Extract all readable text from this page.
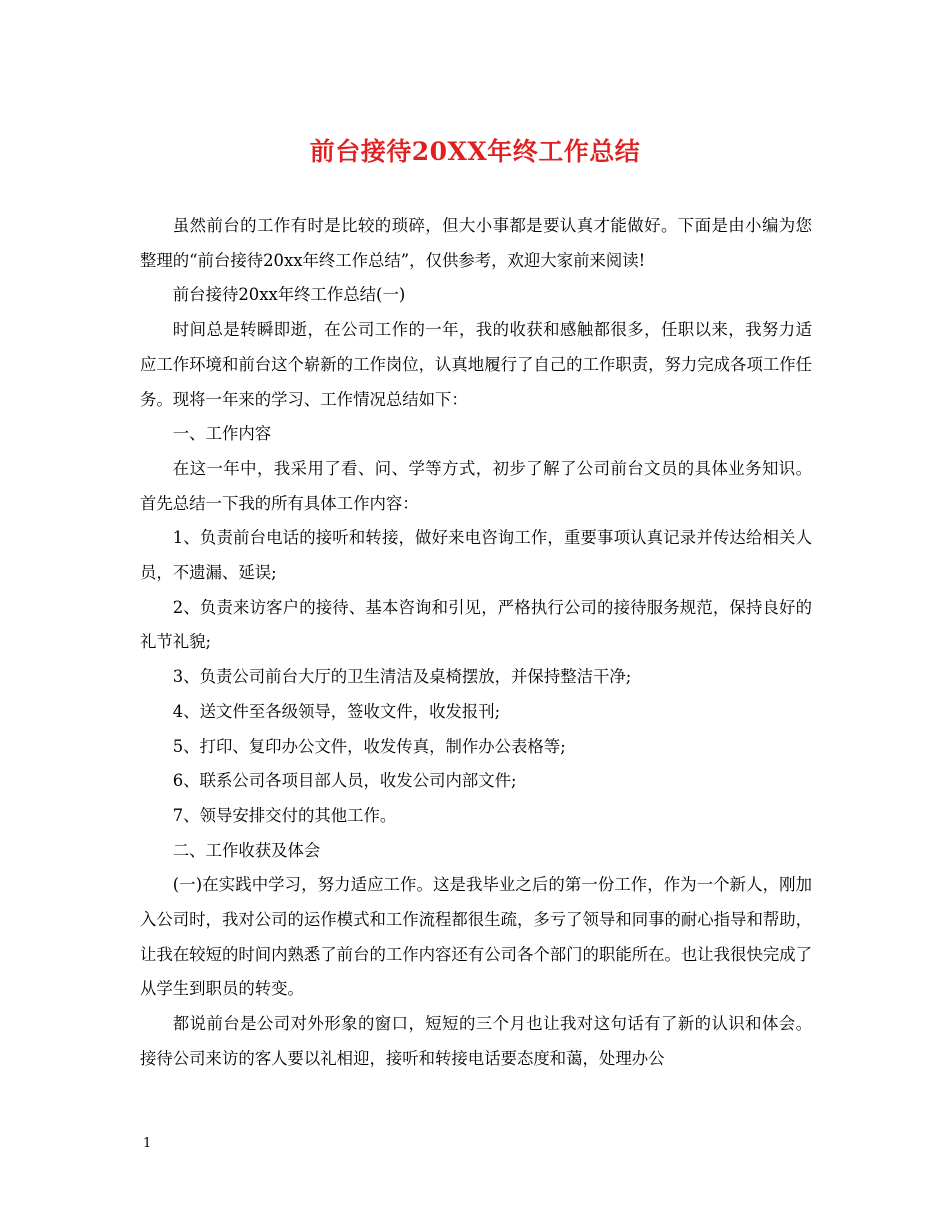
前台接待20XX年终工作总结

虽然前台的工作有时是比较的琐碎，但大小事都是要认真才能做好。下面是由小编为您整理的“前台接待20xx年终工作总结”，仅供参考，欢迎大家前来阅读!

前台接待20xx年终工作总结(一)

时间总是转瞬即逝，在公司工作的一年，我的收获和感触都很多，任职以来，我努力适应工作环境和前台这个崭新的工作岗位，认真地履行了自己的工作职责，努力完成各项工作任务。现将一年来的学习、工作情况总结如下：

一、工作内容

在这一年中，我采用了看、问、学等方式，初步了解了公司前台文员的具体业务知识。首先总结一下我的所有具体工作内容：

1、负责前台电话的接听和转接，做好来电咨询工作，重要事项认真记录并传达给相关人员，不遗漏、延误;

2、负责来访客户的接待、基本咨询和引见，严格执行公司的接待服务规范，保持良好的礼节礼貌;

3、负责公司前台大厅的卫生清洁及桌椅摆放，并保持整洁干净;

4、送文件至各级领导，签收文件，收发报刊;

5、打印、复印办公文件，收发传真，制作办公表格等;

6、联系公司各项目部人员，收发公司内部文件;

7、领导安排交付的其他工作。

二、工作收获及体会

(一)在实践中学习，努力适应工作。这是我毕业之后的第一份工作，作为一个新人，刚加入公司时，我对公司的运作模式和工作流程都很生疏，多亏了领导和同事的耐心指导和帮助，让我在较短的时间内熟悉了前台的工作内容还有公司各个部门的职能所在。也让我很快完成了从学生到职员的转变。

都说前台是公司对外形象的窗口，短短的三个月也让我对这句话有了新的认识和体会。接待公司来访的客人要以礼相迎，接听和转接电话要态度和蔼，处理办公

1
